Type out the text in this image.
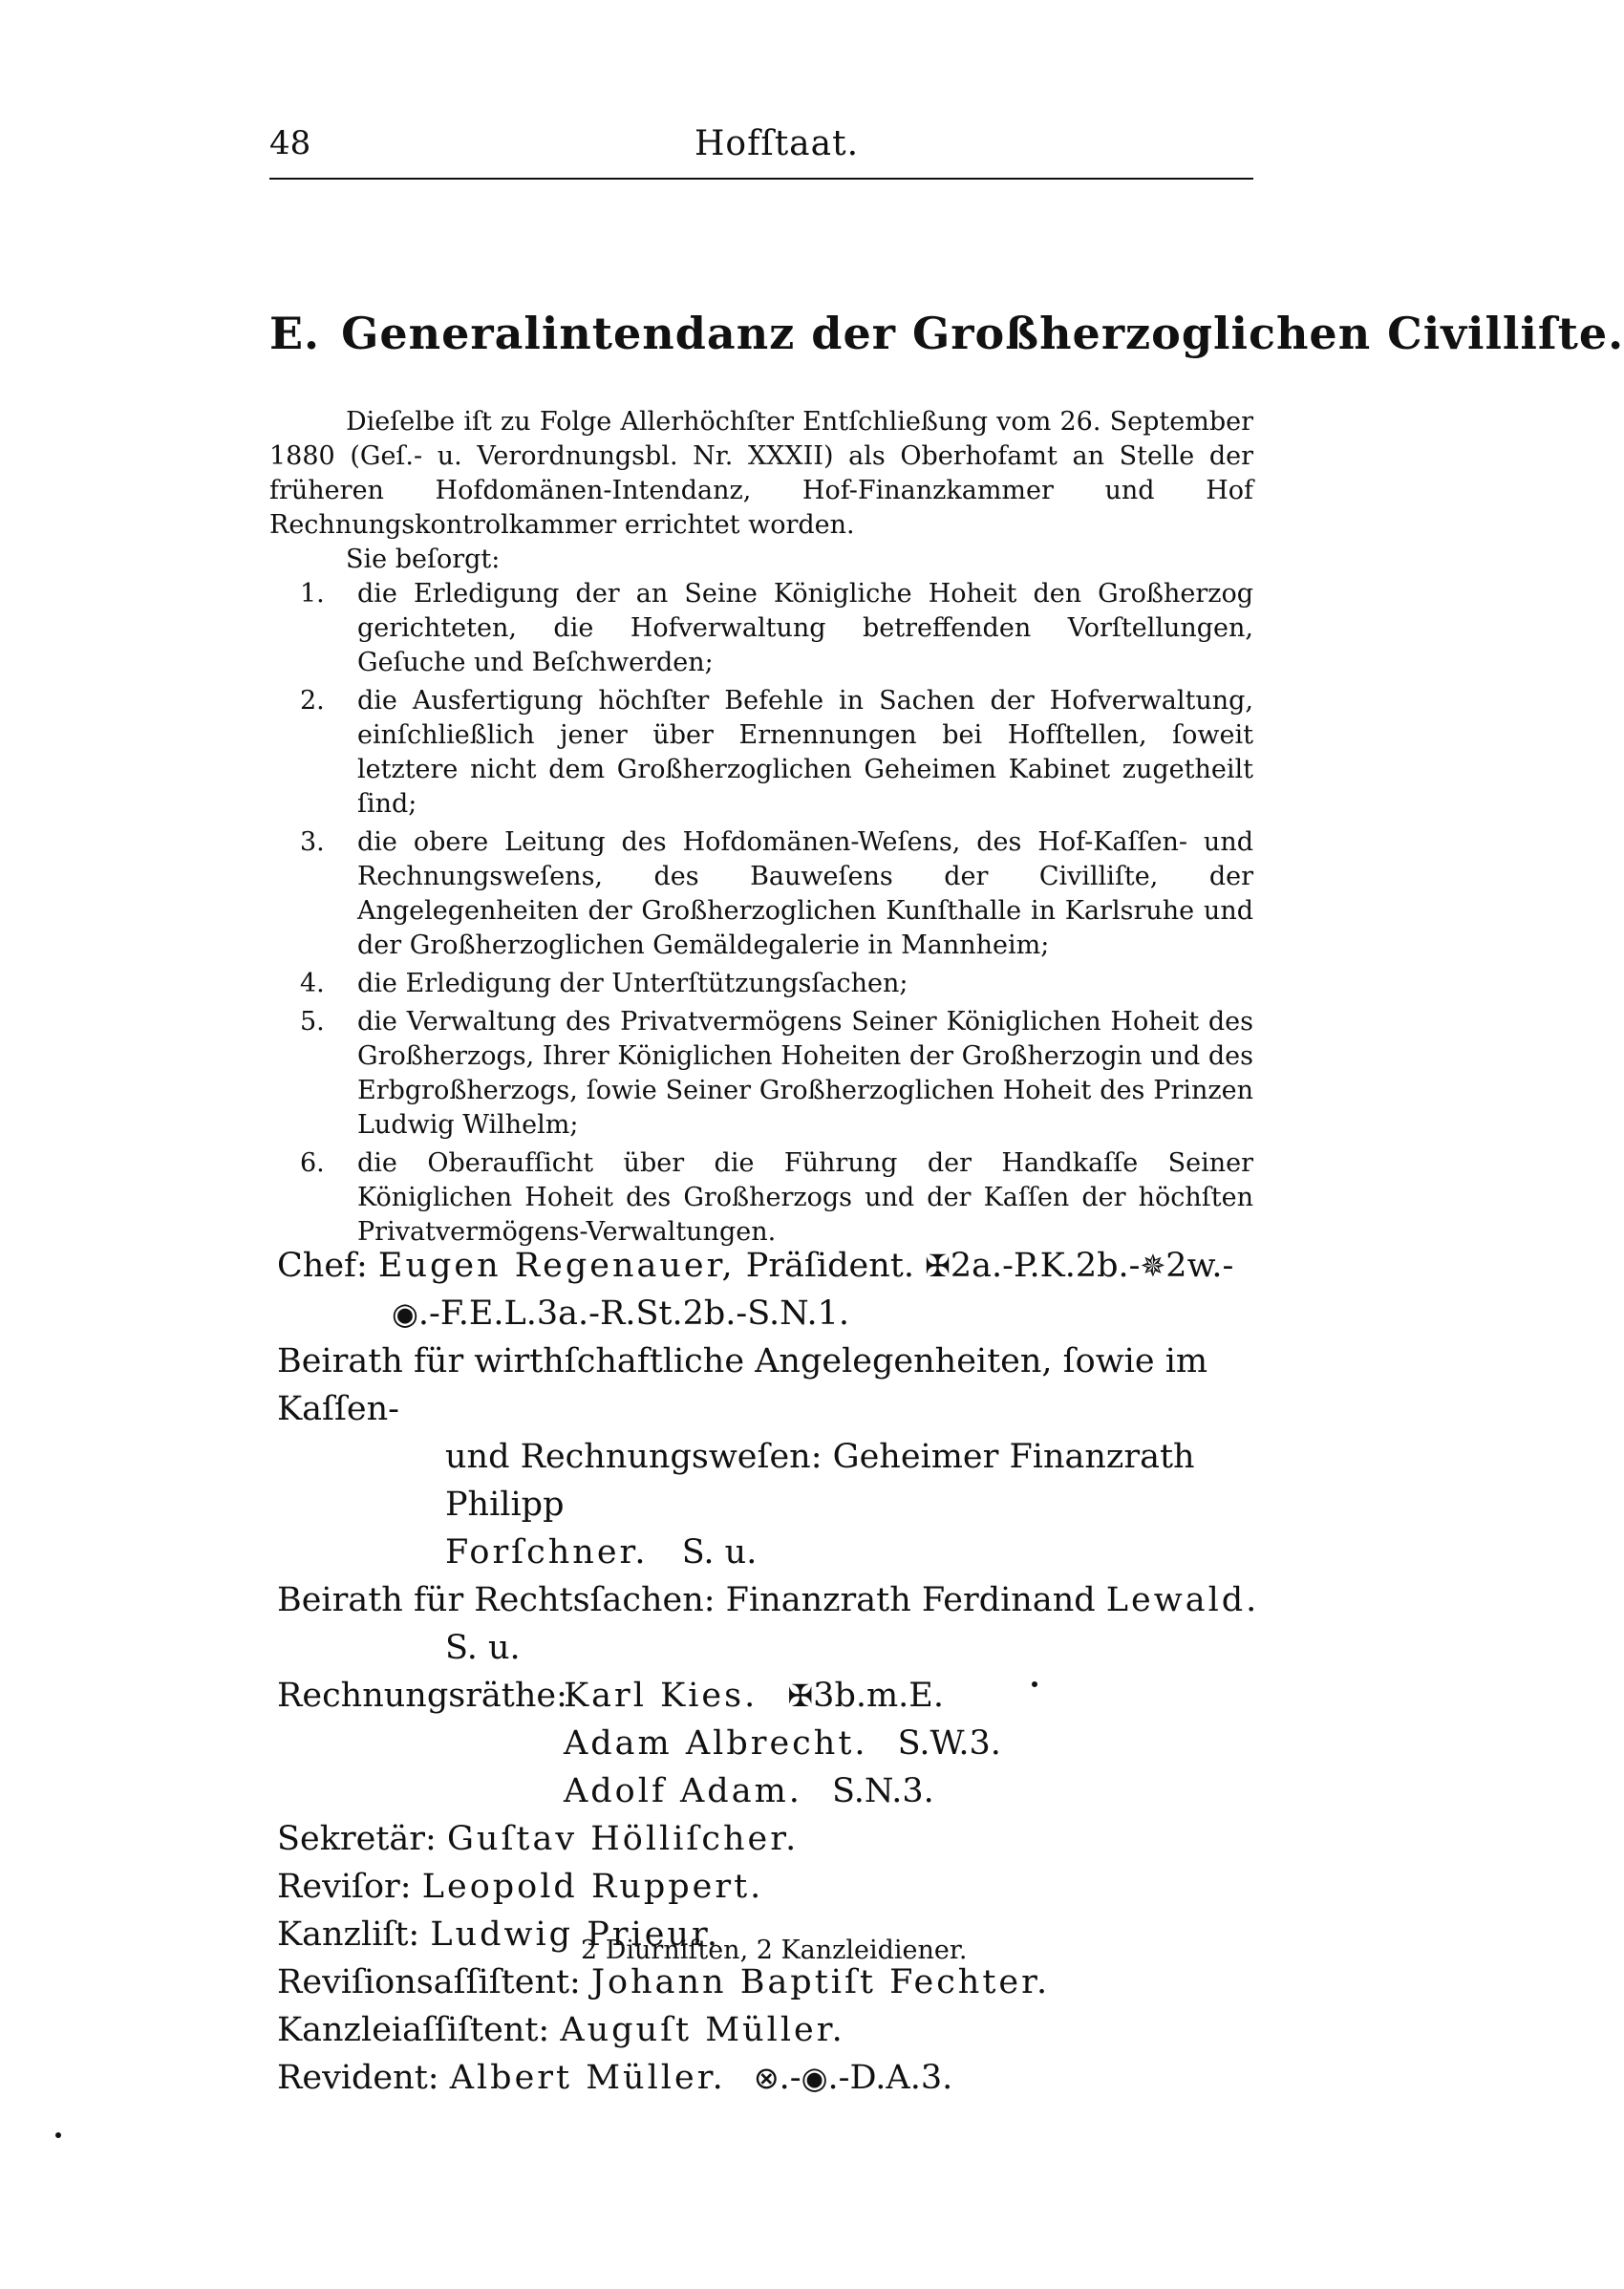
48	Hofſtaat.
E. Generalintendanz der Großherzoglichen Civilliſte.

Dieſelbe iſt zu Folge Allerhöchſter Entſchließung vom 26. September 1880 (Geſ.- u. Verordnungsbl. Nr. XXXII) als Oberhofamt an Stelle der früheren Hofdomänen-Intendanz, Hof-Finanzkammer und Hof Rechnungskontrolkammer errichtet worden.

Sie beſorgt:

1. die Erledigung der an Seine Königliche Hoheit den Großherzog gerichteten, die Hofverwaltung betreffenden Vorſtellungen, Geſuche und Beſchwerden;
2. die Ausfertigung höchſter Befehle in Sachen der Hofverwaltung, einſchließlich jener über Ernennungen bei Hofſtellen, ſoweit letztere nicht dem Großherzoglichen Geheimen Kabinet zugetheilt ſind;
3. die obere Leitung des Hofdomänen-Weſens, des Hof-Kaſſen- und Rechnungsweſens, des Bauweſens der Civilliſte, der Angelegenheiten der Großherzoglichen Kunſthalle in Karlsruhe und der Großherzoglichen Gemäldegalerie in Mannheim;
4. die Erledigung der Unterſtützungsſachen;
5. die Verwaltung des Privatvermögens Seiner Königlichen Hoheit des Großherzogs, Ihrer Königlichen Hoheiten der Großherzogin und des Erbgroßherzogs, ſowie Seiner Großherzoglichen Hoheit des Prinzen Ludwig Wilhelm;
6. die Oberaufſicht über die Führung der Handkaſſe Seiner Königlichen Hoheit des Großherzogs und der Kaſſen der höchſten Privatvermögens-Verwaltungen.
Chef: Eugen Regenauer, Präſident. ✠2a.-P.K.2b.-✵2w.-
◉.-F.E.L.3a.-R.St.2b.-S.N.1.
Beirath für wirthſchaftliche Angelegenheiten, ſowie im Kaſſen-
und Rechnungsweſen: Geheimer Finanzrath Philipp
Forſchner. S. u.
Beirath für Rechtsſachen: Finanzrath Ferdinand Lewald.
S. u.
Rechnungsräthe:
Karl Kies. ✠3b.m.E.
Adam Albrecht. S.W.3.
Adolf Adam. S.N.3.
Sekretär: Guſtav Hölliſcher.
Reviſor: Leopold Ruppert.
Kanzliſt: Ludwig Prieur.
Reviſionsaſſiſtent: Johann Baptiſt Fechter.
Kanzleiaſſiſtent: Auguſt Müller.
Revident: Albert Müller. ⊗.-◉.-D.A.3.
2 Diurniſten, 2 Kanzleidiener.
